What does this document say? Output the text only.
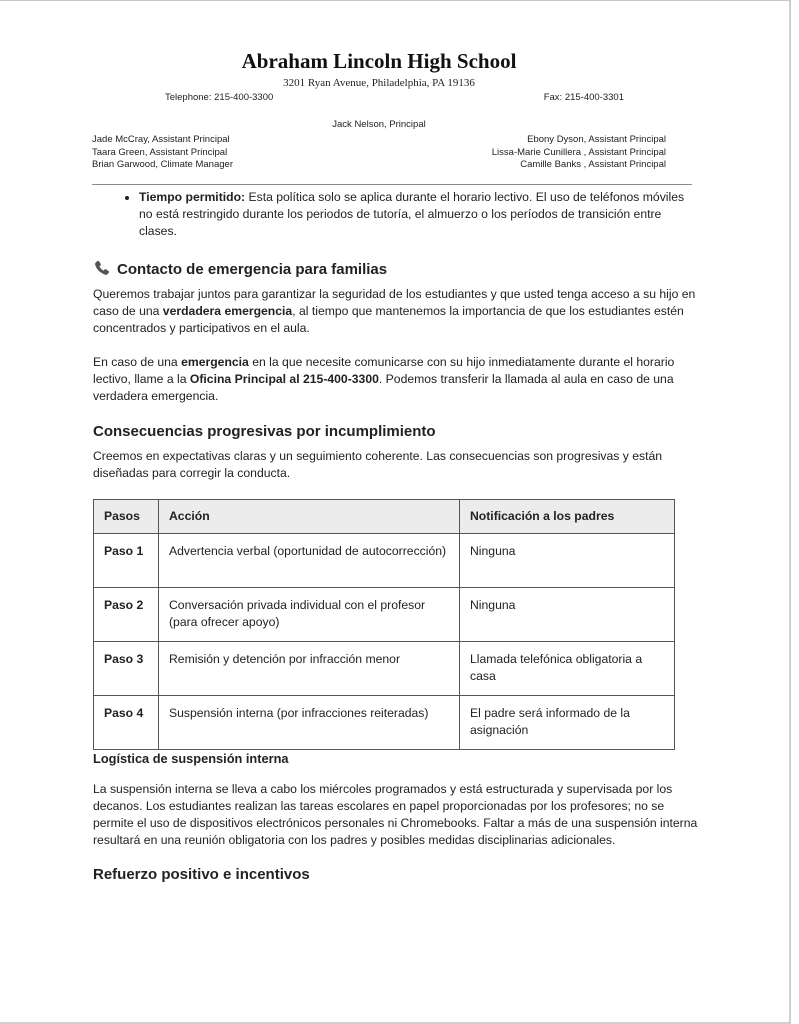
Abraham Lincoln High School
3201 Ryan Avenue, Philadelphia, PA 19136
Telephone: 215-400-3300	Fax: 215-400-3301
Jack Nelson, Principal
Jade McCray, Assistant Principal
Taara Green, Assistant Principal
Brian Garwood, Climate Manager
Ebony Dyson, Assistant Principal
Lissa-Marie Cunillera , Assistant Principal
Camille Banks , Assistant Principal
• Tiempo permitido: Esta política solo se aplica durante el horario lectivo. El uso de teléfonos móviles no está restringido durante los periodos de tutoría, el almuerzo o los períodos de transición entre clases.
Contacto de emergencia para familias

Queremos trabajar juntos para garantizar la seguridad de los estudiantes y que usted tenga acceso a su hijo en caso de una verdadera emergencia, al tiempo que mantenemos la importancia de que los estudiantes estén concentrados y participativos en el aula.

En caso de una emergencia en la que necesite comunicarse con su hijo inmediatamente durante el horario lectivo, llame a la Oficina Principal al 215-400-3300. Podemos transferir la llamada al aula en caso de una verdadera emergencia.

Consecuencias progresivas por incumplimiento

Creemos en expectativas claras y un seguimiento coherente. Las consecuencias son progresivas y están diseñadas para corregir la conducta.

Pasos	Acción	Notificación a los padres
Paso 1	Advertencia verbal (oportunidad de autocorrección)	Ninguna
Paso 2	Conversación privada individual con el profesor (para ofrecer apoyo)	Ninguna
Paso 3	Remisión y detención por infracción menor	Llamada telefónica obligatoria a casa
Paso 4	Suspensión interna (por infracciones reiteradas)	El padre será informado de la asignación
Logística de suspensión interna

La suspensión interna se lleva a cabo los miércoles programados y está estructurada y supervisada por los decanos. Los estudiantes realizan las tareas escolares en papel proporcionadas por los profesores; no se permite el uso de dispositivos electrónicos personales ni Chromebooks. Faltar a más de una suspensión interna resultará en una reunión obligatoria con los padres y posibles medidas disciplinarias adicionales.

Refuerzo positivo e incentivos
